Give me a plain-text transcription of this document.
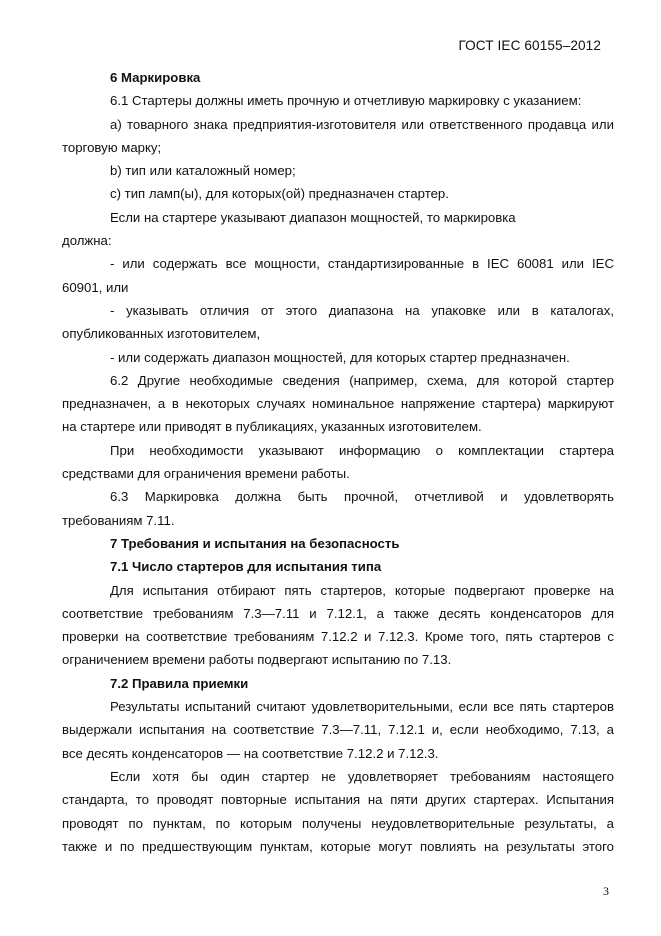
ГОСТ IEC 60155–2012
6 Маркировка
6.1 Стартеры должны иметь прочную и отчетливую маркировку с указанием:
а) товарного знака предприятия-изготовителя или ответственного продавца или
торговую марку;
b) тип или каталожный номер;
с) тип ламп(ы), для которых(ой) предназначен стартер.
Если на стартере указывают диапазон мощностей, то маркировка
должна:
- или содержать все мощности, стандартизированные в IEC 60081 или IEC
60901, или
- указывать отличия от этого диапазона на упаковке или в каталогах,
опубликованных изготовителем,
- или содержать диапазон мощностей, для которых стартер предназначен.
6.2 Другие необходимые сведения (например, схема, для которой стартер
предназначен, а в некоторых случаях номинальное напряжение стартера) маркируют
на стартере или приводят в публикациях, указанных изготовителем.
При необходимости указывают информацию о комплектации стартера
средствами для ограничения времени работы.
6.3 Маркировка должна быть прочной, отчетливой и удовлетворять
требованиям 7.11.
7 Требования и испытания на безопасность
7.1 Число стартеров для испытания типа
Для испытания отбирают пять стартеров, которые подвергают проверке на
соответствие требованиям 7.3—7.11 и 7.12.1, а также десять конденсаторов для
проверки на соответствие требованиям 7.12.2 и 7.12.3. Кроме того, пять стартеров с
ограничением времени работы подвергают испытанию по 7.13.
7.2 Правила приемки
Результаты испытаний считают удовлетворительными, если все пять стартеров
выдержали испытания на соответствие 7.3—7.11, 7.12.1 и, если необходимо, 7.13, а
все десять конденсаторов — на соответствие 7.12.2 и 7.12.3.
Если хотя бы один стартер не удовлетворяет требованиям настоящего
стандарта, то проводят повторные испытания на пяти других стартерах. Испытания
проводят по пунктам, по которым получены неудовлетворительные результаты, а
также и по предшествующим пунктам, которые могут повлиять на результаты этого
3
